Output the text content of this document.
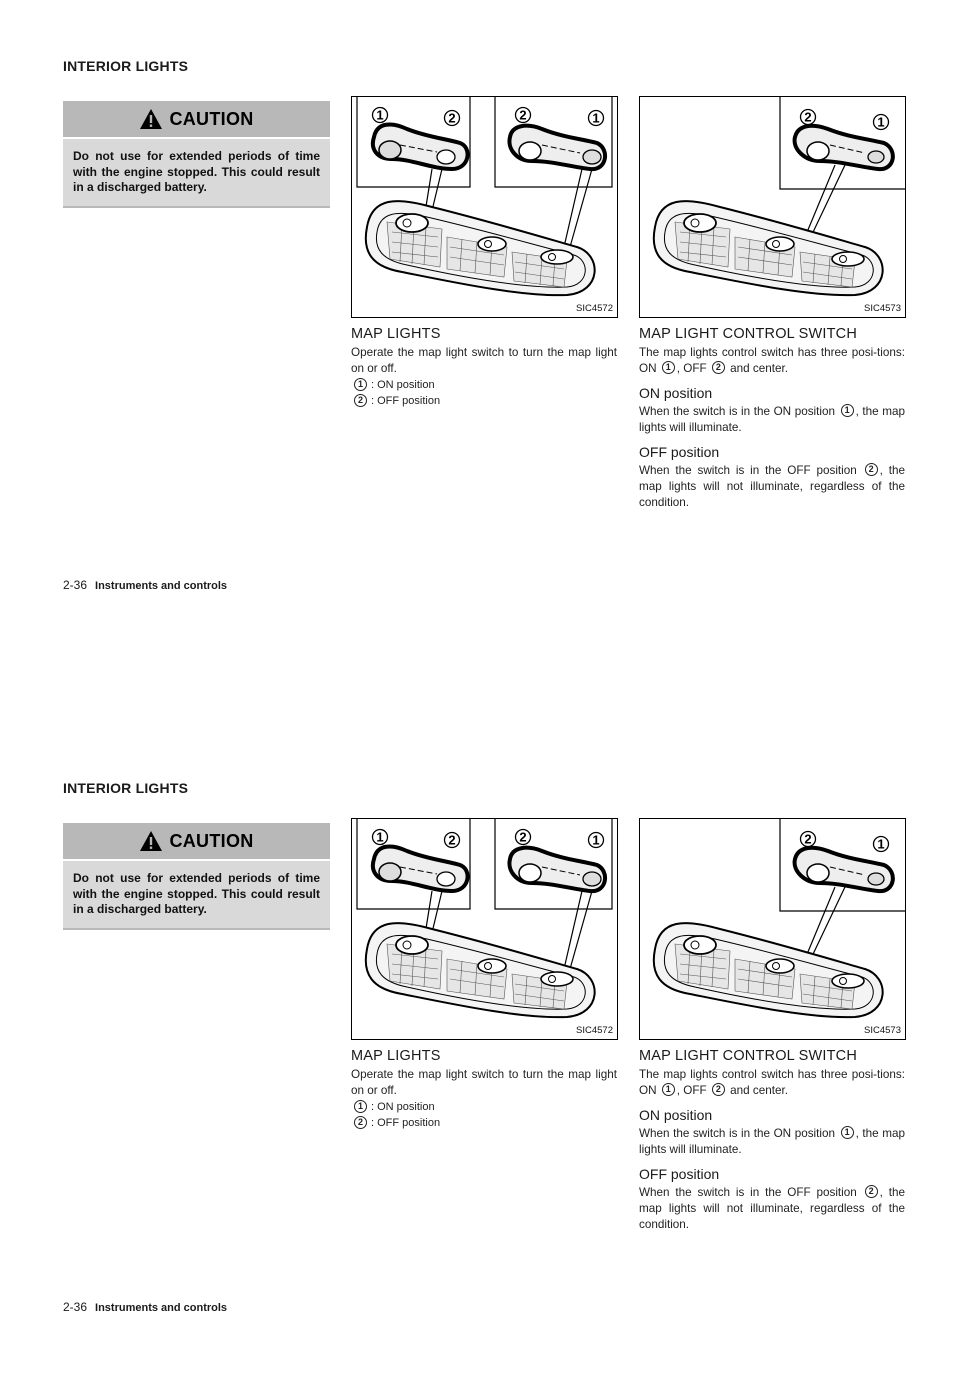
INTERIOR LIGHTS
CAUTION
Do not use for extended periods of time with the engine stopped. This could result in a discharged battery.
1	2	2	1
SIC4572
2	1
SIC4573
MAP LIGHTS

Operate the map light switch to turn the map light on or off.

1 :
ON position
2 :
OFF position
MAP LIGHT CONTROL SWITCH

The map lights control switch has three posi-tions: ON 1 , OFF 2 and center.

ON position

When the switch is in the ON position 1 , the map lights will illuminate.

OFF position

When the switch is in the OFF position 2 , the map lights will not illuminate, regardless of the condition.

2-36 Instruments and controls
INTERIOR LIGHTS
CAUTION
Do not use for extended periods of time with the engine stopped. This could result in a discharged battery.
1	2	2	1
SIC4572
2	1
SIC4573
MAP LIGHTS

Operate the map light switch to turn the map light on or off.

1 :
ON position
2 :
OFF position
MAP LIGHT CONTROL SWITCH

The map lights control switch has three posi-tions: ON 1 , OFF 2 and center.

ON position

When the switch is in the ON position 1 , the map lights will illuminate.

OFF position

When the switch is in the OFF position 2 , the map lights will not illuminate, regardless of the condition.

2-36 Instruments and controls
